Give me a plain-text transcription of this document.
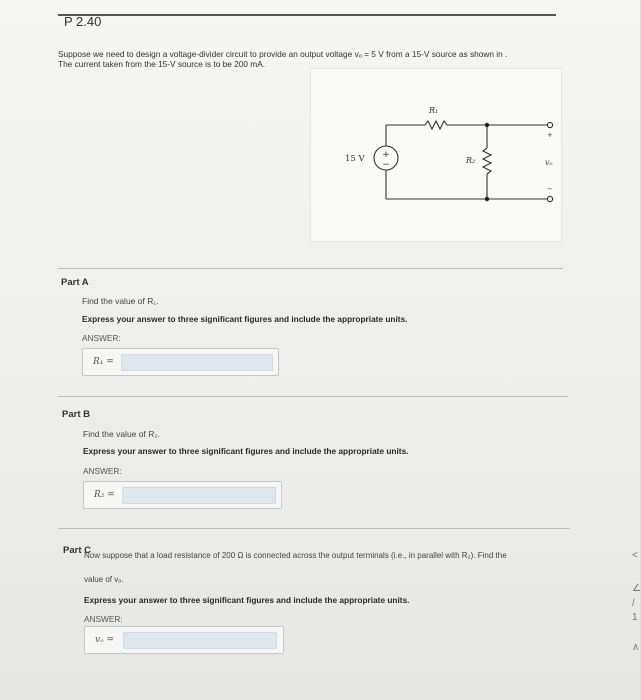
P 2.40
Suppose we need to design a voltage-divider circuit to provide an output voltage vₒ = 5 V from a 15-V source as shown in .
The current taken from the 15-V source is to be 200 mA.
+
−
15 V
R₁
R₂	vₒ
+
−
Part A
Find the value of R₁.
Express your answer to three significant figures and include the appropriate units.
ANSWER:
R₁ =
Part B
Find the value of R₂.
Express your answer to three significant figures and include the appropriate units.
ANSWER:
R₂ =
Part C
Now suppose that a load resistance of 200 Ω is connected across the output terminals (i.e., in parallel with R₂). Find the
value of vₒ.
Express your answer to three significant figures and include the appropriate units.
ANSWER:
vₒ =
<
∠
/
1
∧
